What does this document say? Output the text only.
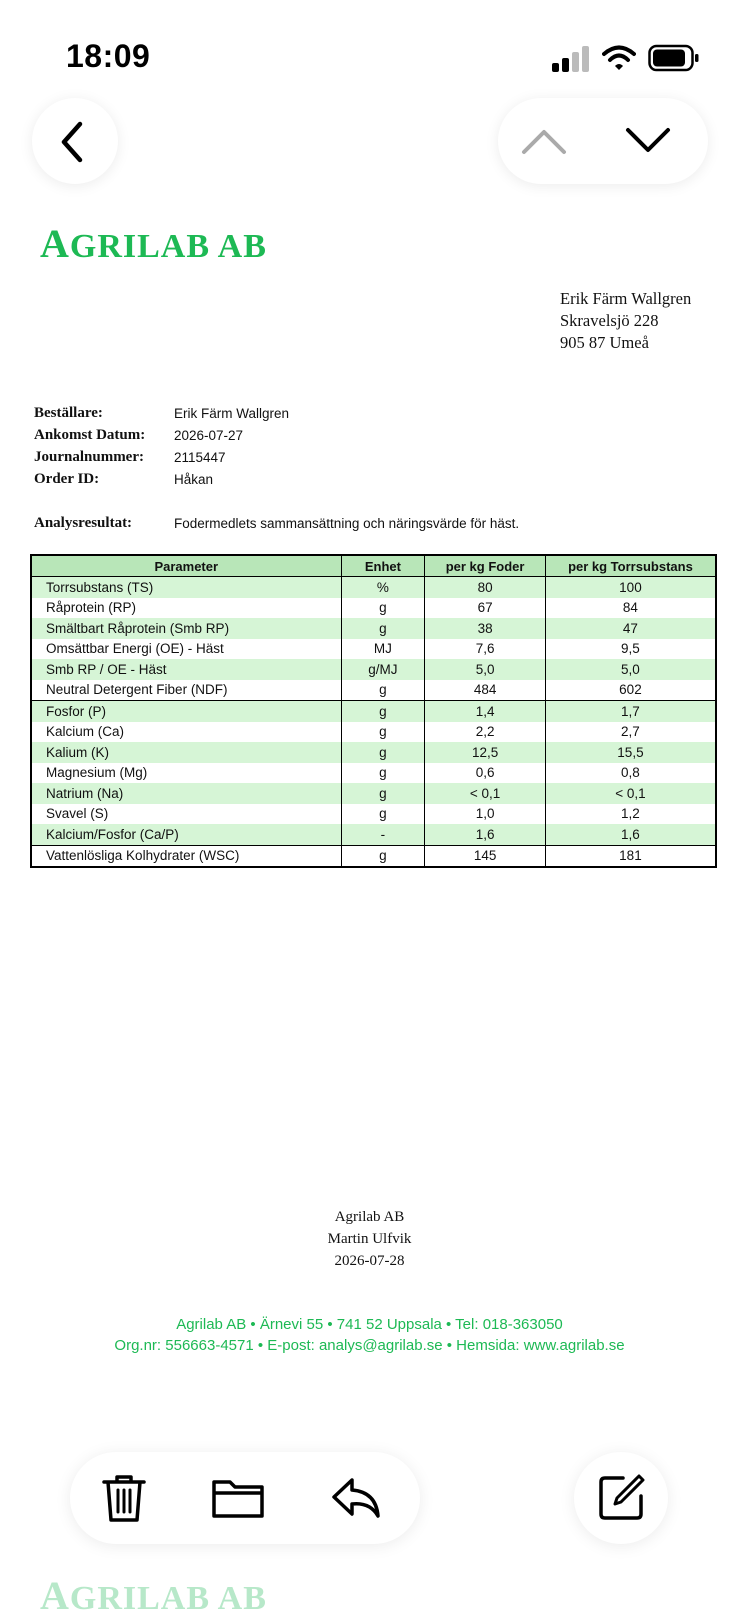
18:09
AGRILAB AB
Erik Färm Wallgren
Skravelsjö 228
905 87 Umeå
Beställare:	Erik Färm Wallgren
Ankomst Datum: 2026-07-27
Journalnummer: 2115447
Order ID:	Håkan
Analysresultat:	Fodermedlets sammansättning och näringsvärde för häst.
Parameter	Enhet	per kg Foder	per kg Torrsubstans
Torrsubstans (TS)	%	80	100
Råprotein (RP)	g	67	84
Smältbart Råprotein (Smb RP)	g	38	47
Omsättbar Energi (OE) - Häst	MJ	7,6	9,5
Smb RP / OE - Häst	g/MJ	5,0	5,0
Neutral Detergent Fiber (NDF)	g	484	602
Fosfor (P)	g	1,4	1,7
Kalcium (Ca)	g	2,2	2,7
Kalium (K)	g	12,5	15,5
Magnesium (Mg)	g	0,6	0,8
Natrium (Na)	g	< 0,1	< 0,1
Svavel (S)	g	1,0	1,2
Kalcium/Fosfor (Ca/P)	-	1,6	1,6
Vattenlösliga Kolhydrater (WSC)	g	145	181
Agrilab AB
Martin Ulfvik
2026-07-28
Agrilab AB • Ärnevi 55 • 741 52 Uppsala • Tel: 018-363050
Org.nr: 556663-4571 • E-post: analys@agrilab.se • Hemsida: www.agrilab.se
AGRILAB AB
